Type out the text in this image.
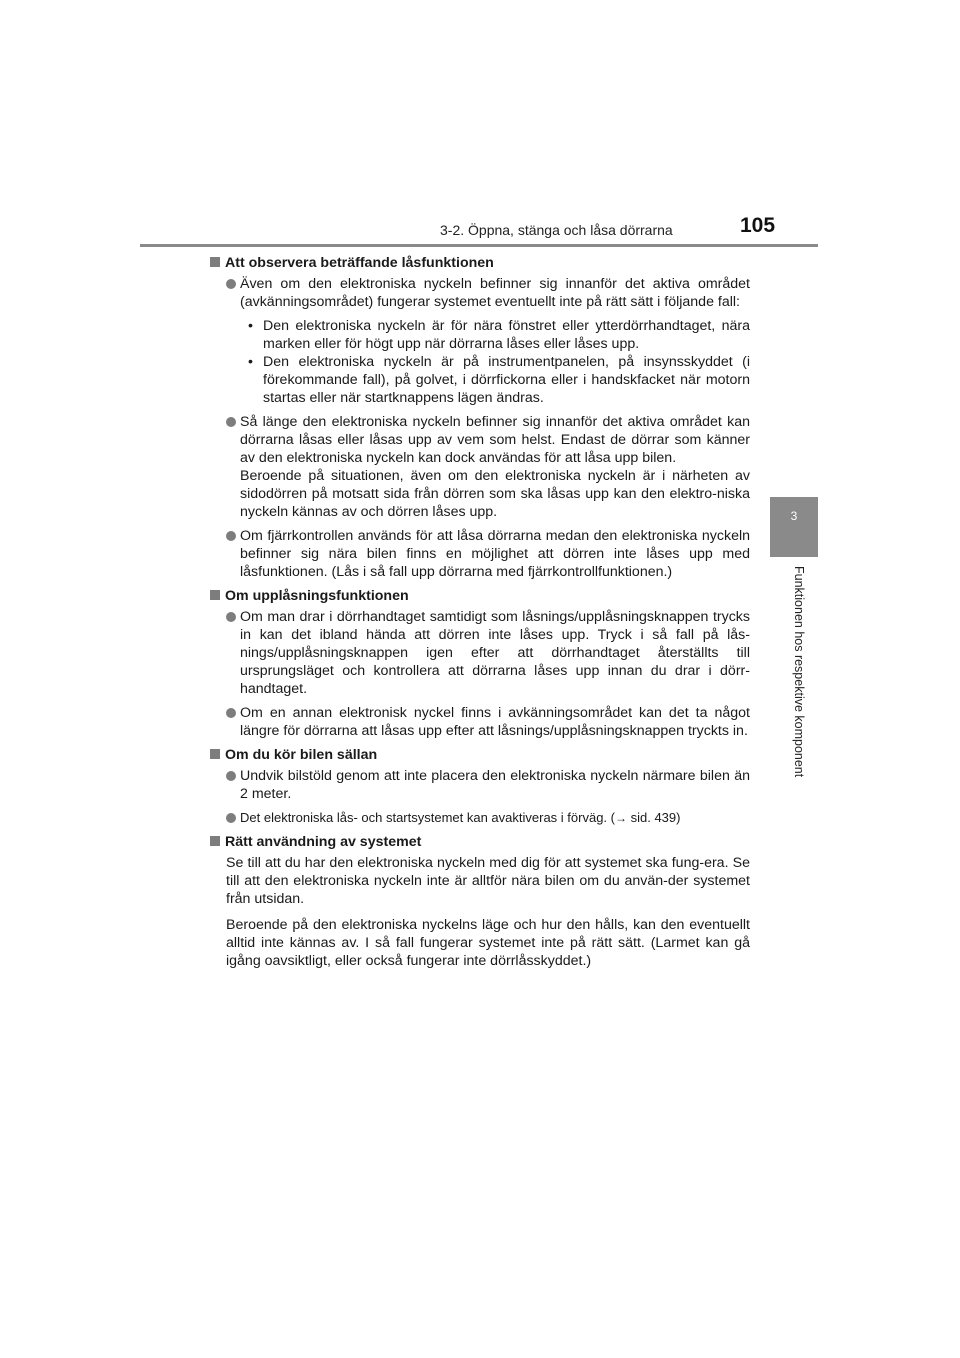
3-2. Öppna, stänga och låsa dörrarna	105
3
Funktionen hos respektive komponent
Att observera beträffande låsfunktionen

Även om den elektroniska nyckeln befinner sig innanför det aktiva området (avkänningsområdet) fungerar systemet eventuellt inte på rätt sätt i följande fall:

• Den elektroniska nyckeln är för nära fönstret eller ytterdörrhandtaget, nära marken eller för högt upp när dörrarna låses eller låses upp.
• Den elektroniska nyckeln är på instrumentpanelen, på insynsskyddet (i förekommande fall), på golvet, i dörrfickorna eller i handskfacket när motorn startas eller när startknappens lägen ändras.

Så länge den elektroniska nyckeln befinner sig innanför det aktiva området kan dörrarna låsas eller låsas upp av vem som helst. Endast de dörrar som känner av den elektroniska nyckeln kan dock användas för att låsa upp bilen.

Beroende på situationen, även om den elektroniska nyckeln är i närheten av sidodörren på motsatt sida från dörren som ska låsas upp kan den elektro-niska nyckeln kännas av och dörren låses upp.

Om fjärrkontrollen används för att låsa dörrarna medan den elektroniska nyckeln befinner sig nära bilen finns en möjlighet att dörren inte låses upp med låsfunktionen. (Lås i så fall upp dörrarna med fjärrkontrollfunktionen.)

Om upplåsningsfunktionen

Om man drar i dörrhandtaget samtidigt som låsnings/upplåsningsknappen trycks in kan det ibland hända att dörren inte låses upp. Tryck i så fall på lås-nings/upplåsningsknappen igen efter att dörrhandtaget återställts till ursprungsläget och kontrollera att dörrarna låses upp innan du drar i dörr-handtaget.

Om en annan elektronisk nyckel finns i avkänningsområdet kan det ta något längre för dörrarna att låsas upp efter att låsnings/upplåsningsknappen tryckts in.

Om du kör bilen sällan

Undvik bilstöld genom att inte placera den elektroniska nyckeln närmare bilen än 2 meter.

Det elektroniska lås- och startsystemet kan avaktiveras i förväg. (→ sid. 439)

Rätt användning av systemet

Se till att du har den elektroniska nyckeln med dig för att systemet ska fung-era. Se till att den elektroniska nyckeln inte är alltför nära bilen om du använ-der systemet från utsidan.

Beroende på den elektroniska nyckelns läge och hur den hålls, kan den eventuellt alltid inte kännas av. I så fall fungerar systemet inte på rätt sätt. (Larmet kan gå igång oavsiktligt, eller också fungerar inte dörrlåsskyddet.)
